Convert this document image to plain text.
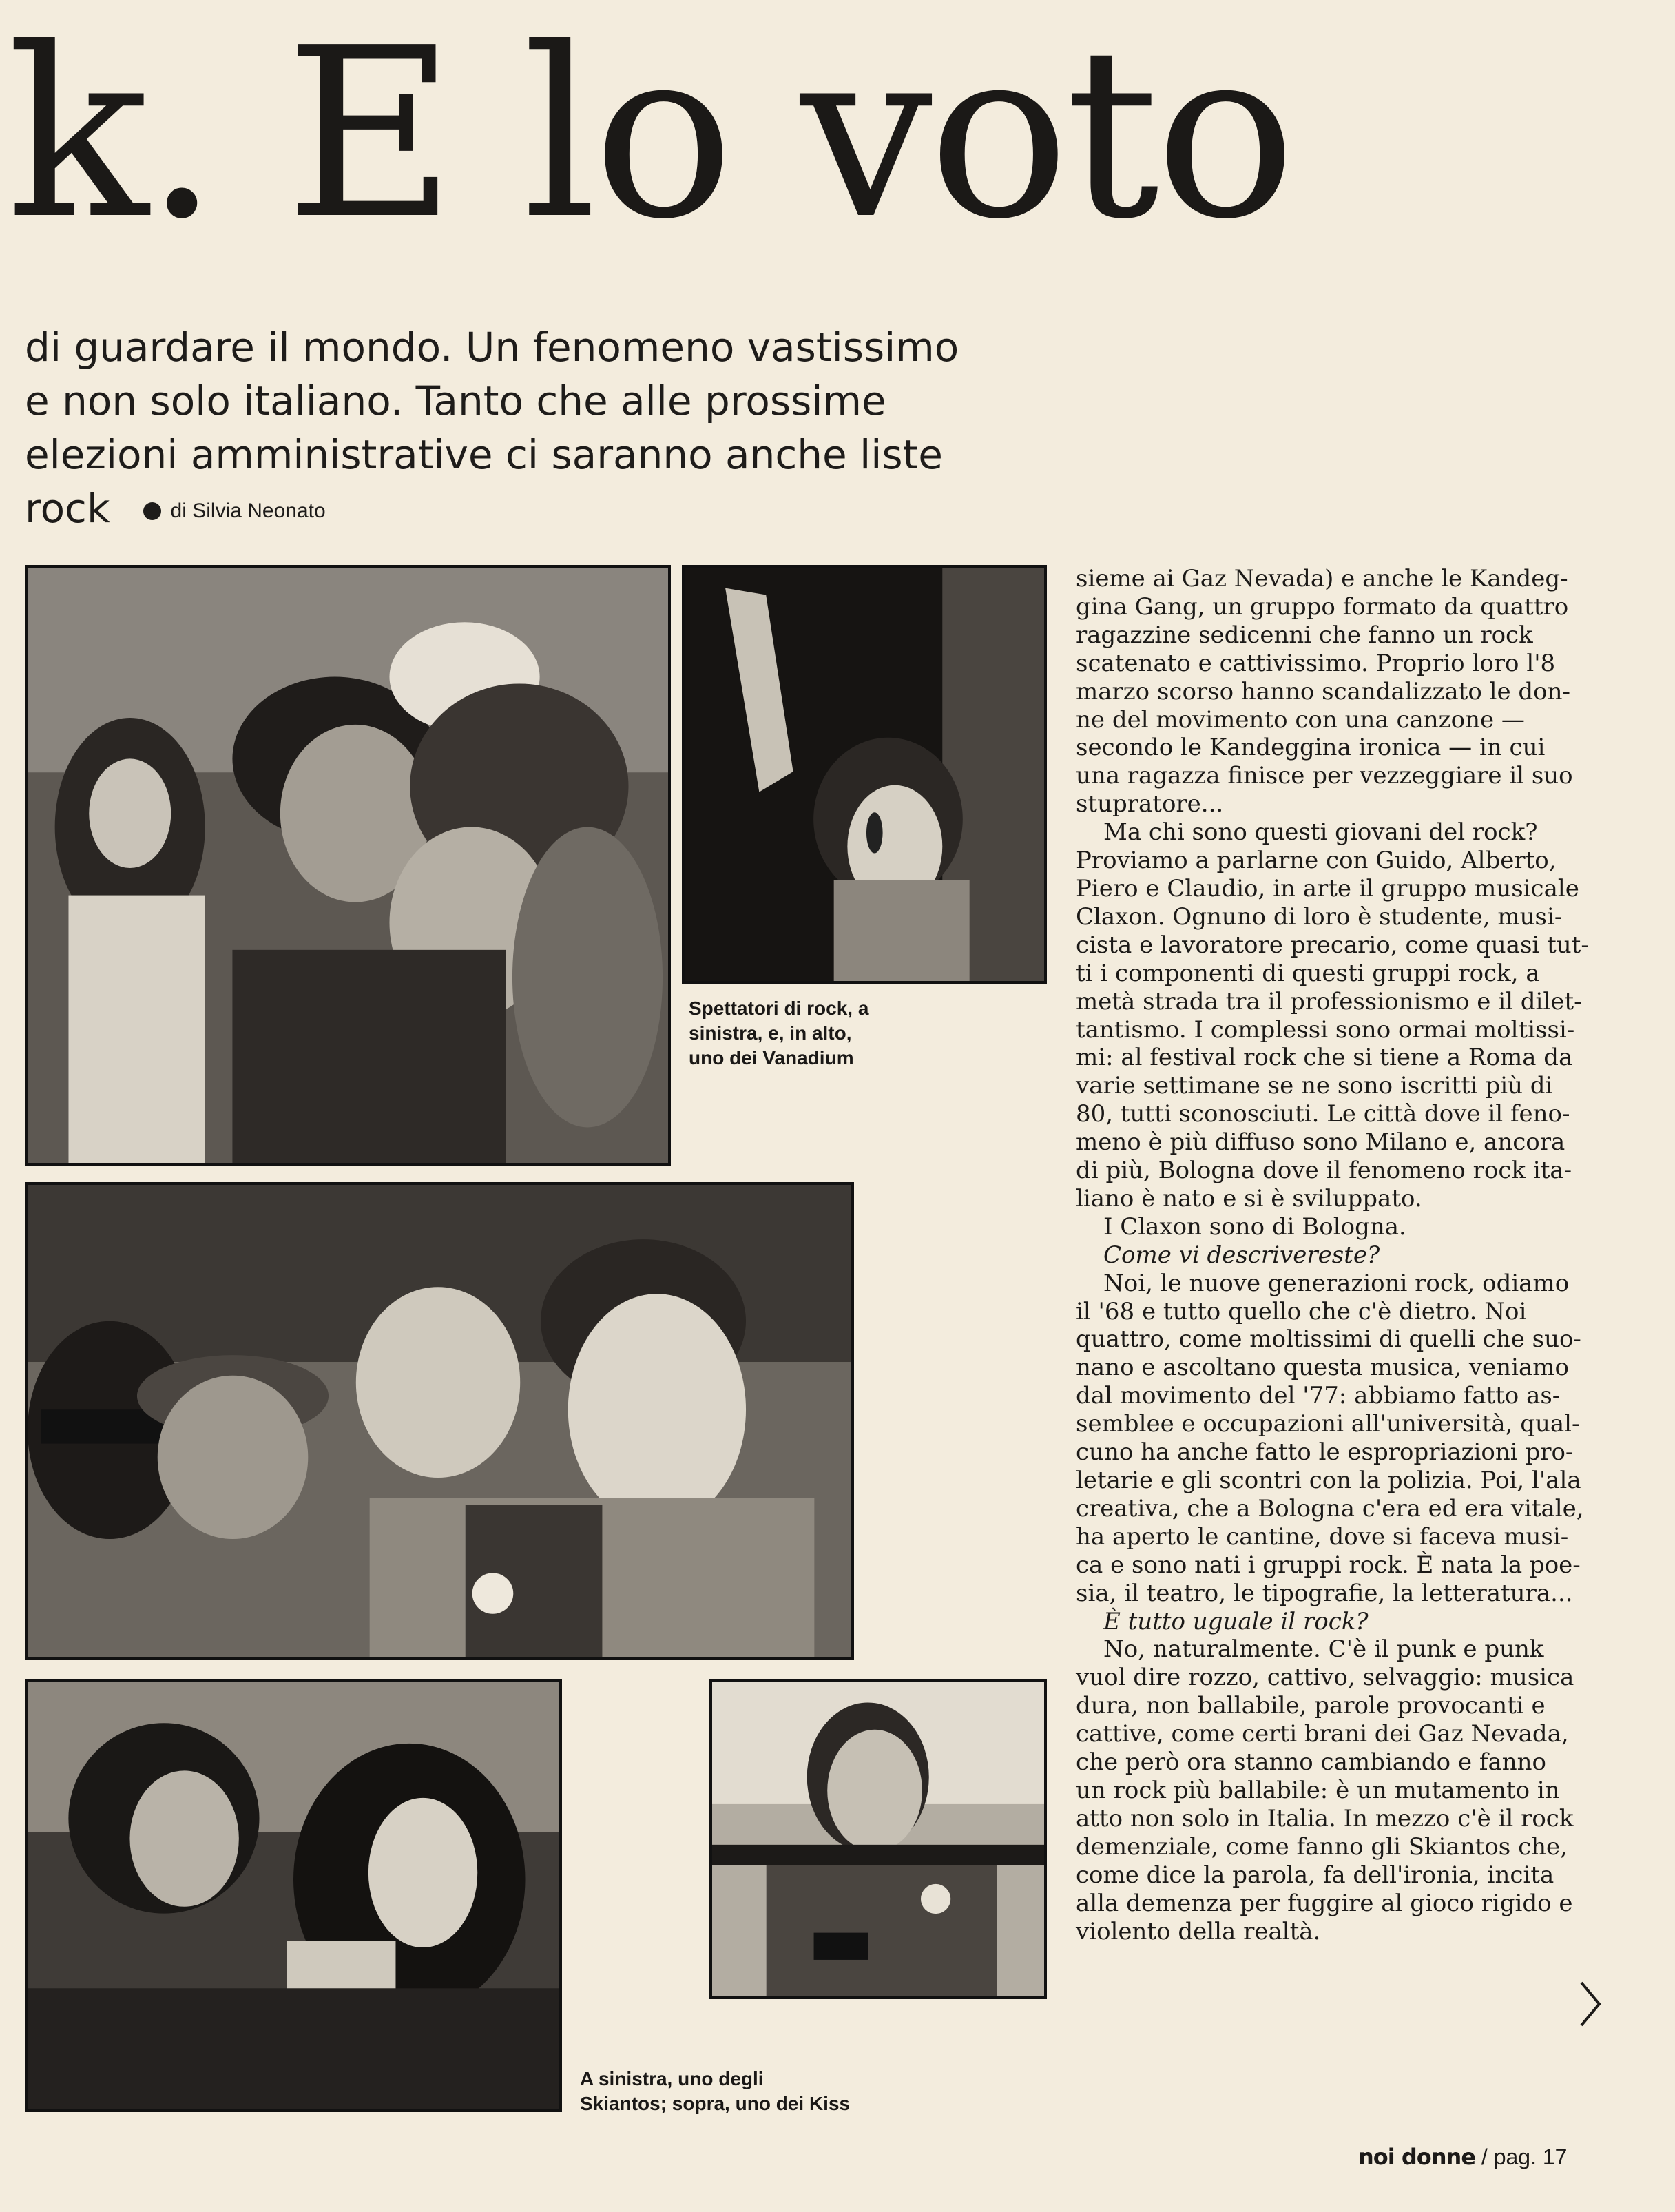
k. E lo voto
di guardare il mondo. Un fenomeno vastissimo
e non solo italiano. Tanto che alle prossime
elezioni amministrative ci saranno anche liste
rock	di Silvia Neonato
Spettatori di rock, a
sinistra, e, in alto,
uno dei Vanadium
A sinistra, uno degli
Skiantos; sopra, uno dei Kiss
sieme ai Gaz Nevada) e anche le Kandeg-
gina Gang, un gruppo formato da quattro
ragazzine sedicenni che fanno un rock
scatenato e cattivissimo. Proprio loro l'8
marzo scorso hanno scandalizzato le don-
ne del movimento con una canzone —
secondo le Kandeggina ironica — in cui
una ragazza finisce per vezzeggiare il suo
stupratore...
Ma chi sono questi giovani del rock?
Proviamo a parlarne con Guido, Alberto,
Piero e Claudio, in arte il gruppo musicale
Claxon. Ognuno di loro è studente, musi-
cista e lavoratore precario, come quasi tut-
ti i componenti di questi gruppi rock, a
metà strada tra il professionismo e il dilet-
tantismo. I complessi sono ormai moltissi-
mi: al festival rock che si tiene a Roma da
varie settimane se ne sono iscritti più di
80, tutti sconosciuti. Le città dove il feno-
meno è più diffuso sono Milano e, ancora
di più, Bologna dove il fenomeno rock ita-
liano è nato e si è sviluppato.
I Claxon sono di Bologna.
Come vi descrivereste?
Noi, le nuove generazioni rock, odiamo
il '68 e tutto quello che c'è dietro. Noi
quattro, come moltissimi di quelli che suo-
nano e ascoltano questa musica, veniamo
dal movimento del '77: abbiamo fatto as-
semblee e occupazioni all'università, qual-
cuno ha anche fatto le espropriazioni pro-
letarie e gli scontri con la polizia. Poi, l'ala
creativa, che a Bologna c'era ed era vitale,
ha aperto le cantine, dove si faceva musi-
ca e sono nati i gruppi rock. È nata la poe-
sia, il teatro, le tipografie, la letteratura...
È tutto uguale il rock?
No, naturalmente. C'è il punk e punk
vuol dire rozzo, cattivo, selvaggio: musica
dura, non ballabile, parole provocanti e
cattive, come certi brani dei Gaz Nevada,
che però ora stanno cambiando e fanno
un rock più ballabile: è un mutamento in
atto non solo in Italia. In mezzo c'è il rock
demenziale, come fanno gli Skiantos che,
come dice la parola, fa dell'ironia, incita
alla demenza per fuggire al gioco rigido e
violento della realtà.
noi donne / pag. 17
